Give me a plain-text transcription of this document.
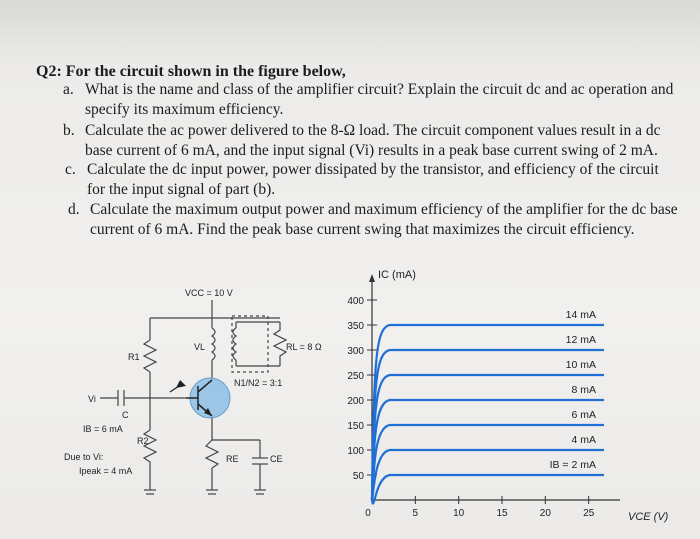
Q2: For the circuit shown in the figure below,
a. What is the name and class of the amplifier circuit? Explain the circuit dc and ac operation and
specify its maximum efficiency.
b. Calculate the ac power delivered to the 8-Ω load. The circuit component values result in a dc
base current of 6 mA, and the input signal (Vi) results in a peak base current swing of 2 mA.
c. Calculate the dc input power, power dissipated by the transistor, and efficiency of the circuit
for the input signal of part (b).
d. Calculate the maximum output power and maximum efficiency of the amplifier for the dc base
current of 6 mA. Find the peak base current swing that maximizes the circuit efficiency.
VCC = 10 V
R1
R2
Vi
C
IB = 6 mA
Due to Vi:
Ipeak = 4 mA
VL	RL = 8 Ω
N1/N2 = 3:1
RE	CE
IC (mA)
VCE (V)
50
100
150
200
250
300
350
400
0	5	10	15	20	25
14 mA
12 mA
10 mA
8 mA
6 mA
4 mA
IB = 2 mA
